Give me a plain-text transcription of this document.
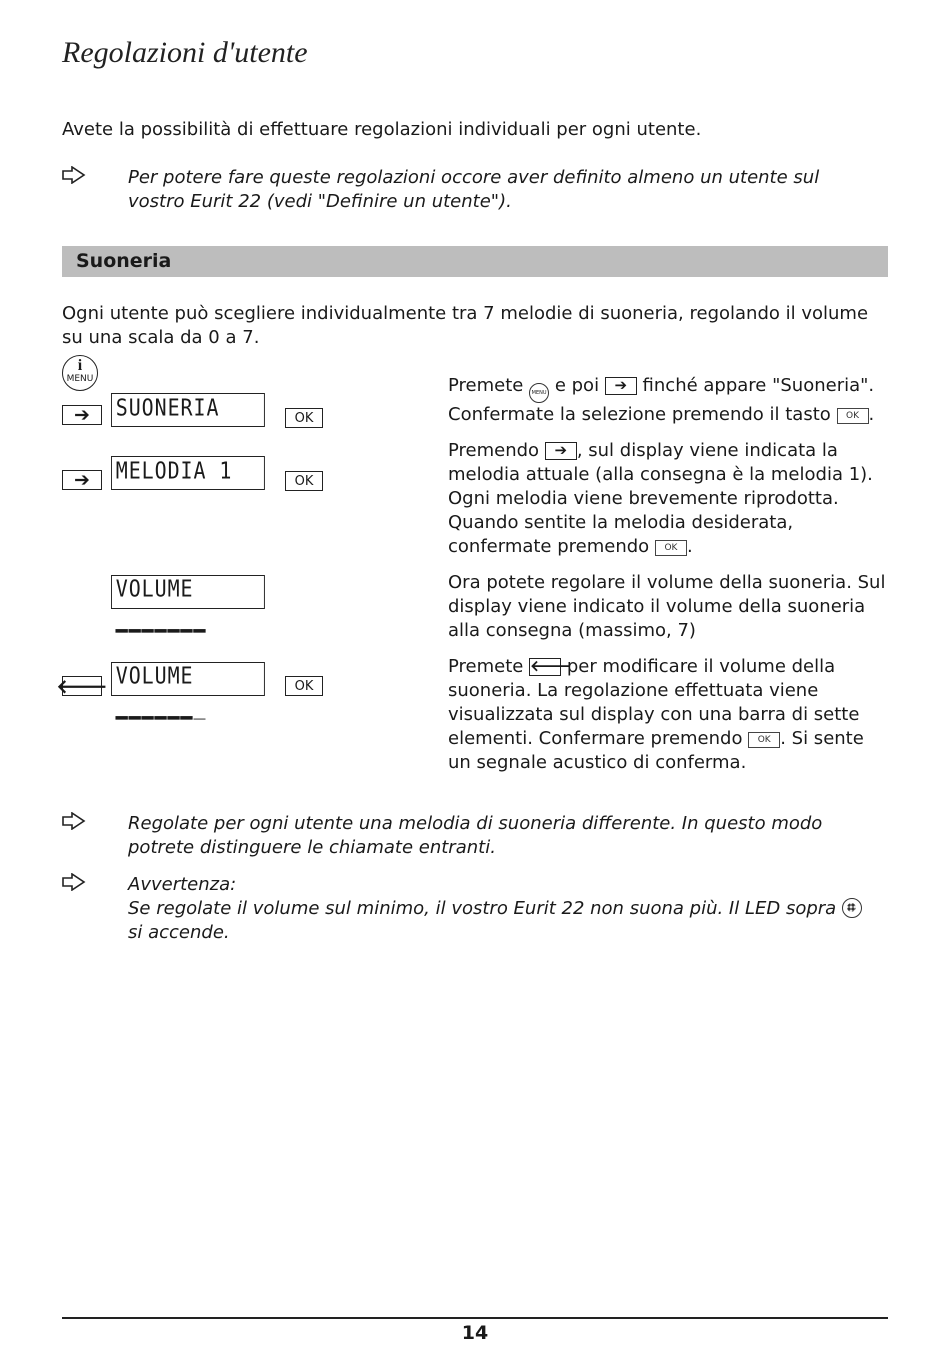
Regolazioni d'utente
Avete la possibilità di effettuare regolazioni individuali per ogni utente.
Per potere fare queste regolazioni occore aver definito almeno un utente sul vostro Eurit 22 (vedi "Definire un utente").
Suoneria
Ogni utente può scegliere individualmente tra 7 melodie di suoneria, regolando il volume su una scala da 0 a 7.
i
MENU
➔	SUONERIA	OK
➔	MELODIA 1	OK
VOLUME ▁▁▁▁▁▁▁
🡐 VOLUME ▁▁▁▁▁▁_
OK

Premete MENU e poi ➔ finché appare "Suoneria". Confermate la selezione premendo il tasto OK .

Premendo ➔ , sul display viene indicata la melodia attuale (alla consegna è la melodia 1). Ogni melodia viene brevemente riprodotta. Quando sentite la melodia desiderata, confermate premendo OK .

Ora potete regolare il volume della suoneria. Sul display viene indicato il volume della suoneria alla consegna (massimo, 7)

Premete 🡐 per modificare il volume della suoneria. La regolazione effettuata viene visualizzata sul display con una barra di sette elementi. Confermare premendo OK . Si sente un segnale acustico di conferma.

Regolate per ogni utente una melodia di suoneria differente. In questo modo potrete distinguere le chiamate entranti.
Avvertenza:
Se regolate il volume sul minimo, il vostro Eurit 22 non suona più. Il LED sopra  si accende.
14
